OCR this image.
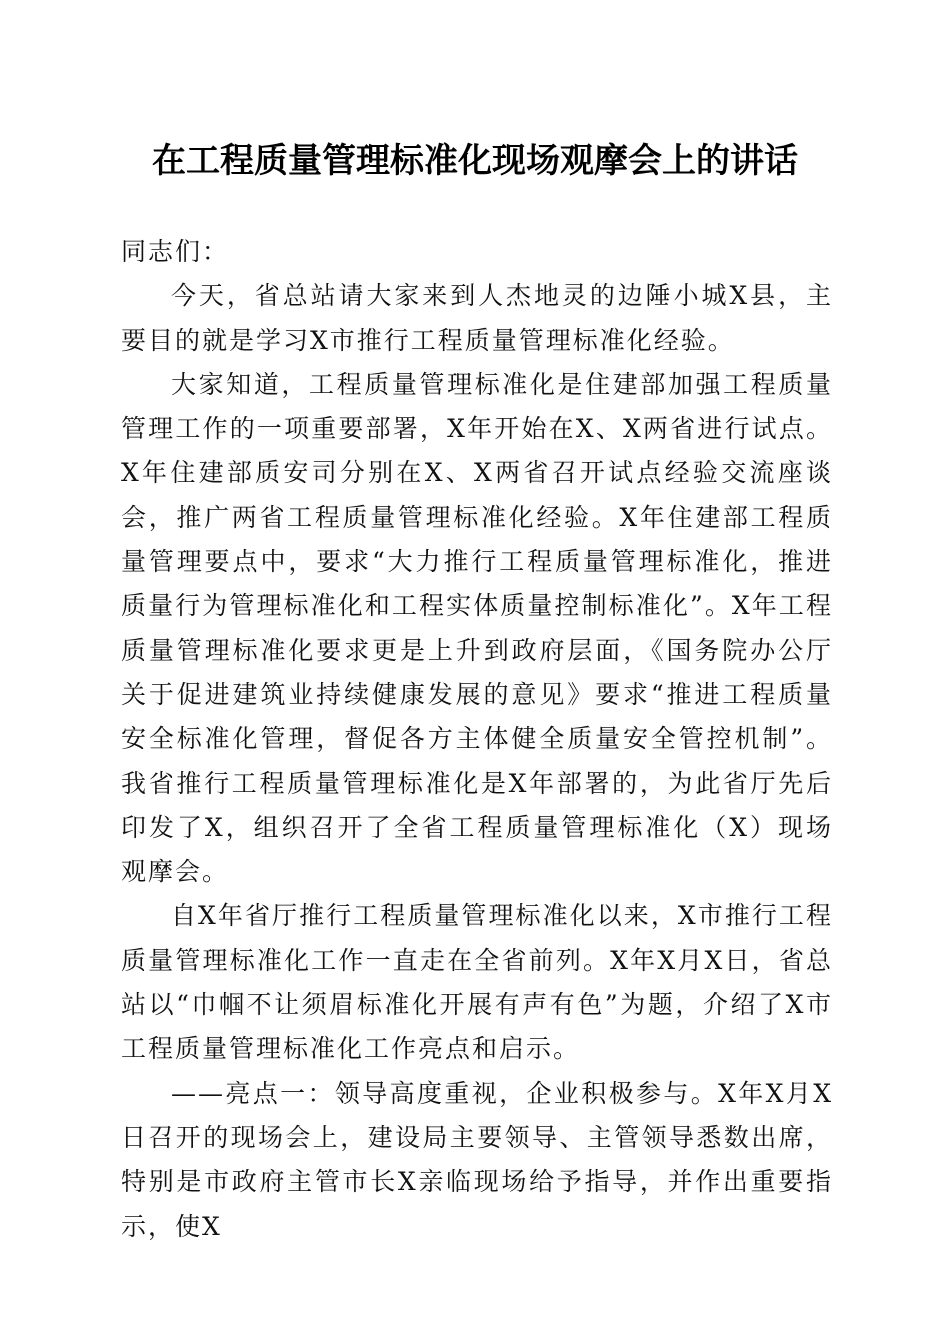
在工程质量管理标准化现场观摩会上的讲话

同志们：

今天，省总站请大家来到人杰地灵的边陲小城X县，主要目的就是学习X市推行工程质量管理标准化经验。

大家知道，工程质量管理标准化是住建部加强工程质量管理工作的一项重要部署，X年开始在X、X两省进行试点。X年住建部质安司分别在X、X两省召开试点经验交流座谈会，推广两省工程质量管理标准化经验。X年住建部工程质量管理要点中，要求“大力推行工程质量管理标准化，推进质量行为管理标准化和工程实体质量控制标准化”。X年工程质量管理标准化要求更是上升到政府层面，《国务院办公厅关于促进建筑业持续健康发展的意见》要求“推进工程质量安全标准化管理，督促各方主体健全质量安全管控机制”。我省推行工程质量管理标准化是X年部署的，为此省厅先后印发了X，组织召开了全省工程质量管理标准化（X）现场观摩会。

自X年省厅推行工程质量管理标准化以来，X市推行工程质量管理标准化工作一直走在全省前列。X年X月X日，省总站以“巾帼不让须眉标准化开展有声有色”为题，介绍了X市工程质量管理标准化工作亮点和启示。

——亮点一：领导高度重视，企业积极参与。X年X月X日召开的现场会上，建设局主要领导、主管领导悉数出席，特别是市政府主管市长X亲临现场给予指导，并作出重要指示，使X
